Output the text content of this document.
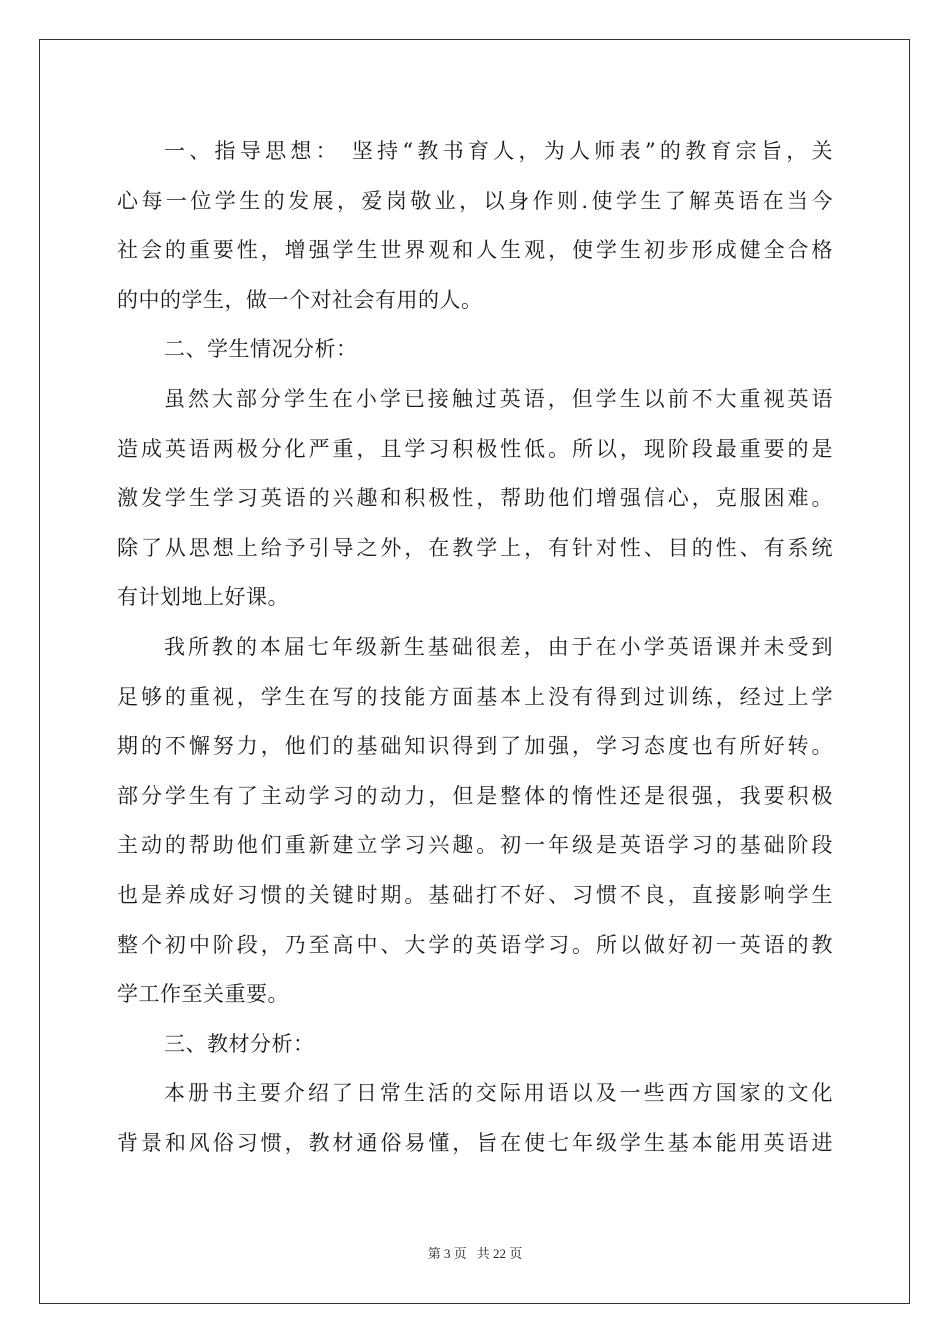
一、指导思想： 坚持“教书育人，为人师表”的教育宗旨，关
心每一位学生的发展，爱岗敬业，以身作则.使学生了解英语在当今
社会的重要性，增强学生世界观和人生观，使学生初步形成健全合格
的中的学生，做一个对社会有用的人。
二、学生情况分析：
虽然大部分学生在小学已接触过英语，但学生以前不大重视英语
造成英语两极分化严重，且学习积极性低。所以，现阶段最重要的是
激发学生学习英语的兴趣和积极性，帮助他们增强信心，克服困难。
除了从思想上给予引导之外，在教学上，有针对性、目的性、有系统
有计划地上好课。
我所教的本届七年级新生基础很差，由于在小学英语课并未受到
足够的重视，学生在写的技能方面基本上没有得到过训练，经过上学
期的不懈努力，他们的基础知识得到了加强，学习态度也有所好转。
部分学生有了主动学习的动力，但是整体的惰性还是很强，我要积极
主动的帮助他们重新建立学习兴趣。初一年级是英语学习的基础阶段
也是养成好习惯的关键时期。基础打不好、习惯不良，直接影响学生
整个初中阶段，乃至高中、大学的英语学习。所以做好初一英语的教
学工作至关重要。
三、教材分析：
本册书主要介绍了日常生活的交际用语以及一些西方国家的文化
背景和风俗习惯，教材通俗易懂，旨在使七年级学生基本能用英语进
第 3 页 共 22 页
